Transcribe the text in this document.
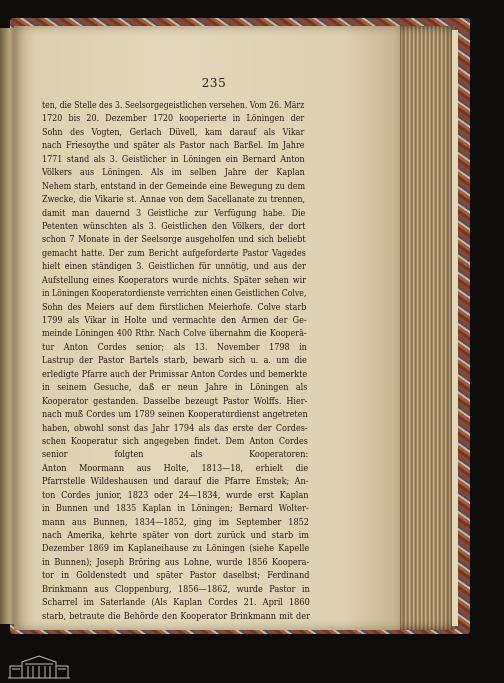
235
ten, die Stelle des 3. Seelsorgegeistlichen versehen. Vom 26. März
1720 bis 20. Dezember 1720 kooperierte in Löningen der
Sohn des Vogten, Gerlach Düvell, kam darauf als Vikar
nach Friesoythe und später als Pastor nach Barßel. Im Jahre
1771 stand als 3. Geistlicher in Löningen ein Bernard Anton
Völkers aus Löningen. Als im selben Jahre der Kaplan
Nehem starb, entstand in der Gemeinde eine Bewegung zu dem
Zwecke, die Vikarie st. Annae von dem Sacellanate zu trennen,
damit man dauernd 3 Geistliche zur Verfügung habe. Die
Petenten wünschten als 3. Geistlichen den Völkers, der dort
schon 7 Monate in der Seelsorge ausgeholfen und sich beliebt
gemacht hatte. Der zum Bericht aufgeforderte Pastor Vagedes
hielt einen ständigen 3. Geistlichen für unnötig, und aus der
Aufstellung eines Kooperators wurde nichts. Später sehen wir
in Löningen Kooperatordienste verrichten einen Geistlichen Colve,
Sohn des Meiers auf dem fürstlichen Meierhofe. Colve starb
1799 als Vikar in Holte und vermachte den Armen der Ge-
meinde Löningen 400 Rthr. Nach Colve übernahm die Kooperā-
tur Anton Cordes senior; als 13. November 1798 in
Lastrup der Pastor Bartels starb, bewarb sich u. a. um die
erledigte Pfarre auch der Primissar Anton Cordes und bemerkte
in seinem Gesuche, daß er neun Jahre in Löningen als
Kooperator gestanden. Dasselbe bezeugt Pastor Wolffs. Hier-
nach muß Cordes um 1789 seinen Kooperaturdienst angetreten
haben, obwohl sonst das Jahr 1794 als das erste der Cordes-
schen Kooperatur sich angegeben findet. Dem Anton Cordes
senior folgten als Kooperatoren:
Anton Moormann aus Holte, 1813—18, erhielt die
Pfarrstelle Wildeshausen und darauf die Pfarre Emstek; An-
ton Cordes junior, 1823 oder 24—1834, wurde erst Kaplan
in Bunnen und 1835 Kaplan in Löningen; Bernard Wolter-
mann aus Bunnen, 1834—1852, ging im September 1852
nach Amerika, kehrte später von dort zurück und starb im
Dezember 1869 im Kaplaneihause zu Löningen (siehe Kapelle
in Bunnen); Joseph Bröring aus Lohne, wurde 1856 Koopera-
tor in Goldenstedt und später Pastor daselbst; Ferdinand
Brinkmann aus Cloppenburg, 1856—1862, wurde Pastor in
Scharrel im Saterlande (Als Kaplan Cordes 21. April 1860
starb, betraute die Behörde den Kooperator Brinkmann mit der
